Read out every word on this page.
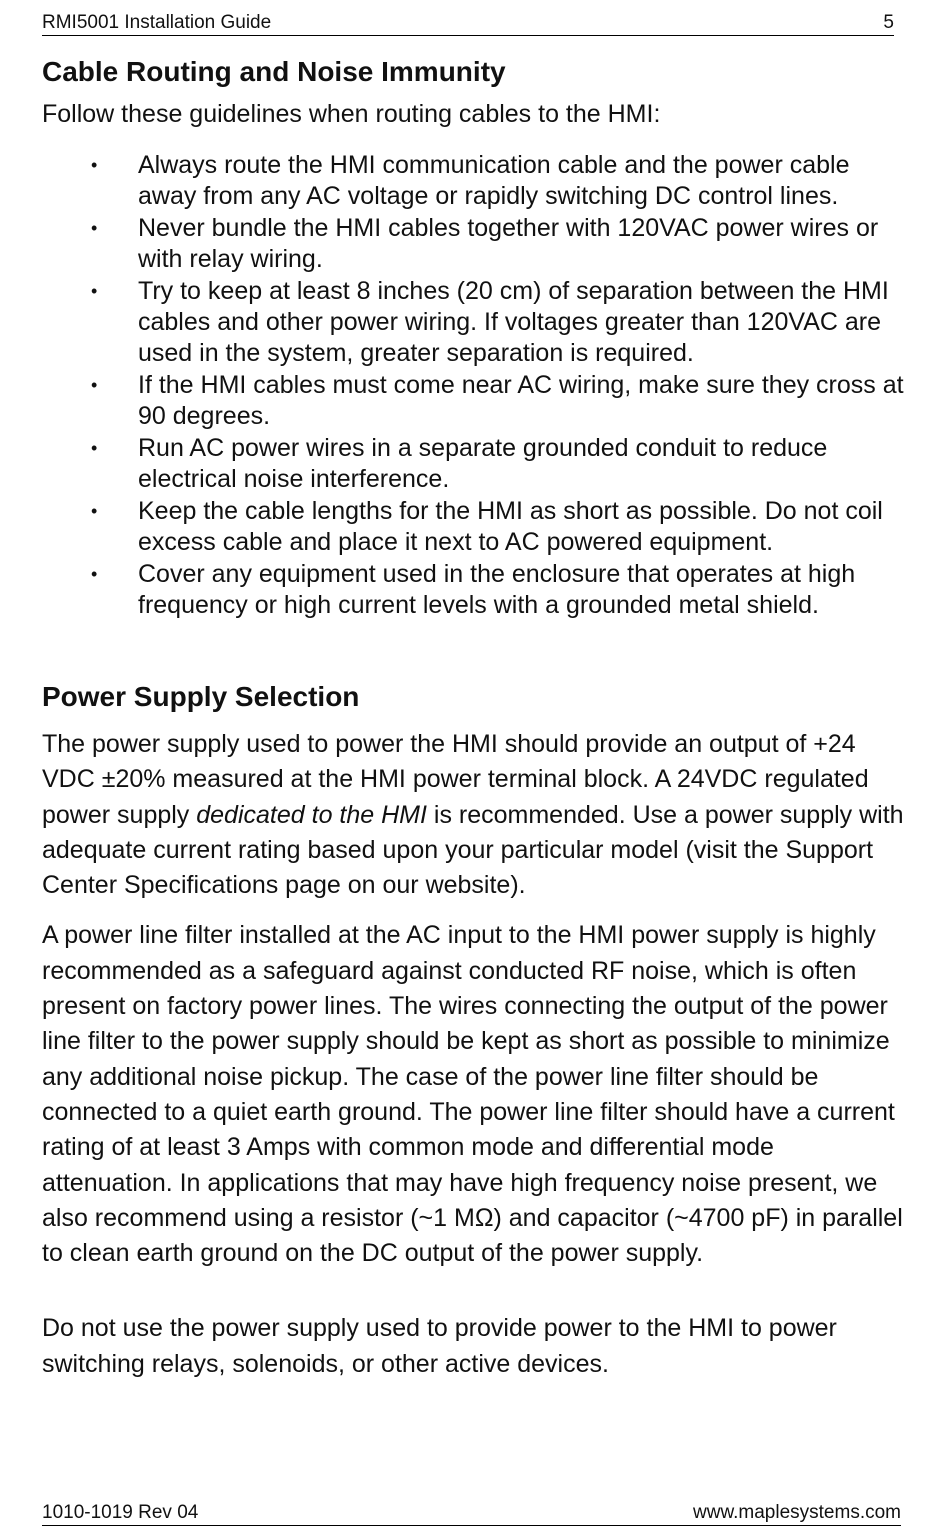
RMI5001 Installation Guide	5
Cable Routing and Noise Immunity

Follow these guidelines when routing cables to the HMI:

• Always route the HMI communication cable and the power cable away from any AC voltage or rapidly switching DC control lines.
• Never bundle the HMI cables together with 120VAC power wires or with relay wiring.
• Try to keep at least 8 inches (20 cm) of separation between the HMI cables and other power wiring. If voltages greater than 120VAC are used in the system, greater separation is required.
• If the HMI cables must come near AC wiring, make sure they cross at 90 degrees.
• Run AC power wires in a separate grounded conduit to reduce electrical noise interference.
• Keep the cable lengths for the HMI as short as possible. Do not coil excess cable and place it next to AC powered equipment.
• Cover any equipment used in the enclosure that operates at high frequency or high current levels with a grounded metal shield.
Power Supply Selection

The power supply used to power the HMI should provide an output of +24 VDC ±20% measured at the HMI power terminal block. A 24VDC regulated power supply dedicated to the HMI is recommended. Use a power supply with adequate current rating based upon your particular model (visit the Support Center Specifications page on our website).

A power line filter installed at the AC input to the HMI power supply is highly recommended as a safeguard against conducted RF noise, which is often present on factory power lines. The wires connecting the output of the power line filter to the power supply should be kept as short as possible to minimize any additional noise pickup. The case of the power line filter should be connected to a quiet earth ground. The power line filter should have a current rating of at least 3 Amps with common mode and differential mode attenuation. In applications that may have high frequency noise present, we also recommend using a resistor (~1 MΩ) and capacitor (~4700 pF) in parallel to clean earth ground on the DC output of the power supply.

Do not use the power supply used to provide power to the HMI to power switching relays, solenoids, or other active devices.

1010-1019 Rev 04	www.maplesystems.com
